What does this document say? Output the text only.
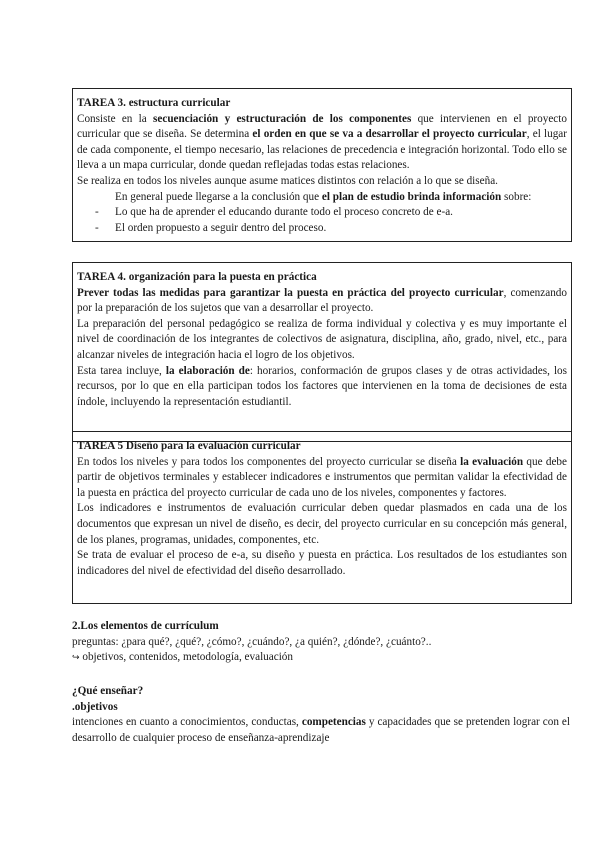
TAREA 3. estructura curricular

Consiste en la secuenciación y estructuración de los componentes que intervienen en el proyecto curricular que se diseña. Se determina el orden en que se va a desarrollar el proyecto curricular, el lugar de cada componente, el tiempo necesario, las relaciones de precedencia e integración horizontal. Todo ello se lleva a un mapa curricular, donde quedan reflejadas todas estas relaciones.

Se realiza en todos los niveles aunque asume matices distintos con relación a lo que se diseña.

En general puede llegarse a la conclusión que el plan de estudio brinda información sobre:

-	Lo que ha de aprender el educando durante todo el proceso concreto de e-a.
-	El orden propuesto a seguir dentro del proceso.

TAREA 4. organización para la puesta en práctica

Prever todas las medidas para garantizar la puesta en práctica del proyecto curricular, comenzando por la preparación de los sujetos que van a desarrollar el proyecto.

La preparación del personal pedagógico se realiza de forma individual y colectiva y es muy importante el nivel de coordinación de los integrantes de colectivos de asignatura, disciplina, año, grado, nivel, etc., para alcanzar niveles de integración hacia el logro de los objetivos.

Esta tarea incluye, la elaboración de: horarios, conformación de grupos clases y de otras actividades, los recursos, por lo que en ella participan todos los factores que intervienen en la toma de decisiones de esta índole, incluyendo la representación estudiantil.

TAREA 5 Diseño para la evaluación curricular

En todos los niveles y para todos los componentes del proyecto curricular se diseña la evaluación que debe partir de objetivos terminales y establecer indicadores e instrumentos que permitan validar la efectividad de la puesta en práctica del proyecto curricular de cada uno de los niveles, componentes y factores.

Los indicadores e instrumentos de evaluación curricular deben quedar plasmados en cada una de los documentos que expresan un nivel de diseño, es decir, del proyecto curricular en su concepción más general, de los planes, programas, unidades, componentes, etc.

Se trata de evaluar el proceso de e-a, su diseño y puesta en práctica. Los resultados de los estudiantes son indicadores del nivel de efectividad del diseño desarrollado.

2.Los elementos de currículum

preguntas: ¿para qué?, ¿qué?, ¿cómo?, ¿cuándo?, ¿a quién?, ¿dónde?, ¿cuánto?..

↪ objetivos, contenidos, metodología, evaluación

¿Qué enseñar?

.objetivos

intenciones en cuanto a conocimientos, conductas, competencias y capacidades que se pretenden lograr con el desarrollo de cualquier proceso de enseñanza-aprendizaje
